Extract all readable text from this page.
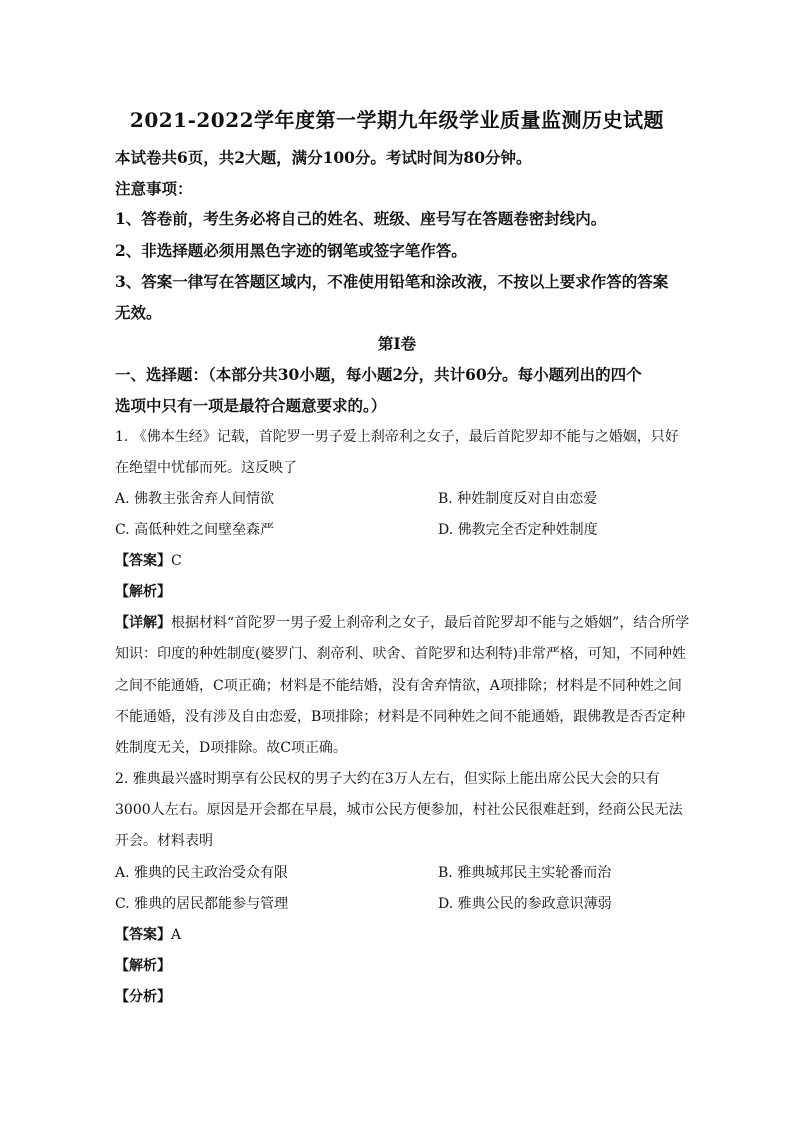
2021-2022学年度第一学期九年级学业质量监测历史试题
本试卷共6页，共2大题，满分100分。考试时间为80分钟。
注意事项：
1、答卷前，考生务必将自己的姓名、班级、座号写在答题卷密封线内。
2、非选择题必须用黑色字迹的钢笔或签字笔作答。
3、答案一律写在答题区域内，不准使用铅笔和涂改液，不按以上要求作答的答案
无效。
第Ⅰ卷
一、选择题：（本部分共30小题，每小题2分，共计60分。每小题列出的四个
选项中只有一项是最符合题意要求的。）
1. 《佛本生经》记载，首陀罗一男子爱上刹帝利之女子，最后首陀罗却不能与之婚姻，只好
在绝望中忧郁而死。这反映了
A. 佛教主张舍弃人间情欲	B. 种姓制度反对自由恋爱
C. 高低种姓之间壁垒森严	D. 佛教完全否定种姓制度
【答案】C
【解析】
【详解】根据材料“首陀罗一男子爱上刹帝利之女子，最后首陀罗却不能与之婚姻”，结合所学
知识：印度的种姓制度(婆罗门、刹帝利、吠舍、首陀罗和达利特)非常严格，可知，不同种姓
之间不能通婚，C项正确；材料是不能结婚，没有舍弃情欲，A项排除；材料是不同种姓之间
不能通婚，没有涉及自由恋爱，B项排除；材料是不同种姓之间不能通婚，跟佛教是否否定种
姓制度无关，D项排除。故C项正确。
2. 雅典最兴盛时期享有公民权的男子大约在3万人左右，但实际上能出席公民大会的只有
3000人左右。原因是开会都在早晨，城市公民方便参加，村社公民很难赶到，经商公民无法
开会。材料表明
A. 雅典的民主政治受众有限	B. 雅典城邦民主实轮番而治
C. 雅典的居民都能参与管理	D. 雅典公民的参政意识薄弱
【答案】A
【解析】
【分析】
